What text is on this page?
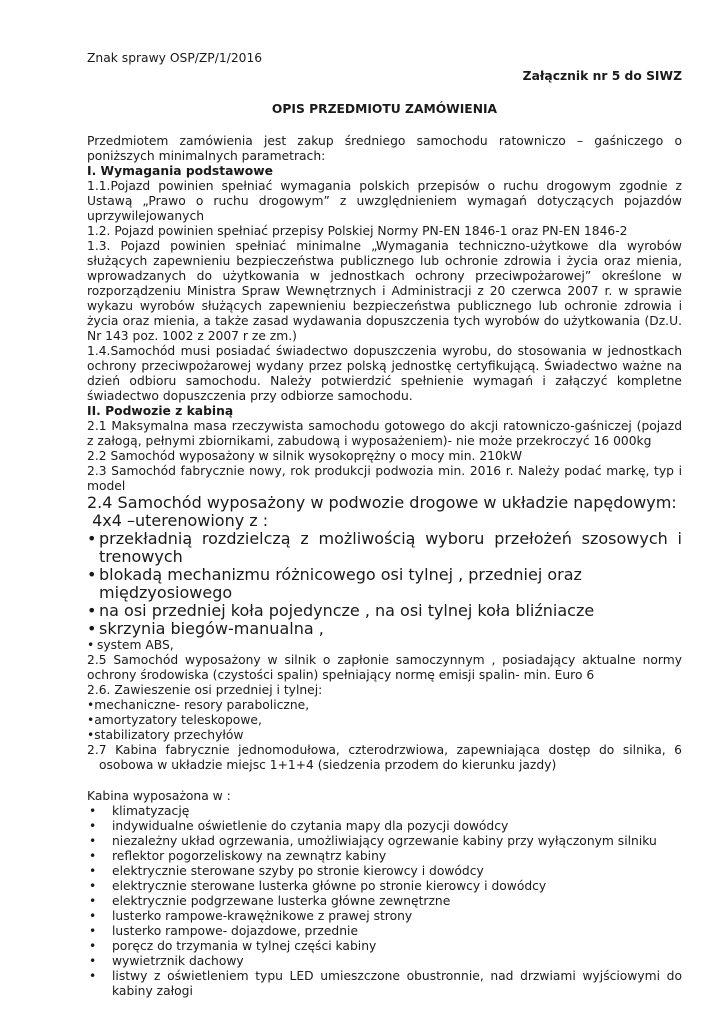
Znak sprawy OSP/ZP/1/2016

Załącznik nr 5 do SIWZ

OPIS PRZEDMIOTU ZAMÓWIENIA

Przedmiotem zamówienia jest zakup średniego samochodu ratowniczo – gaśniczego o poniższych minimalnych parametrach:

I. Wymagania podstawowe

1.1.Pojazd powinien spełniać wymagania polskich przepisów o ruchu drogowym zgodnie z Ustawą „Prawo o ruchu drogowym” z uwzględnieniem wymagań dotyczących pojazdów uprzywilejowanych

1.2. Pojazd powinien spełniać przepisy Polskiej Normy PN-EN 1846-1 oraz PN-EN 1846-2

1.3. Pojazd powinien spełniać minimalne „Wymagania techniczno-użytkowe dla wyrobów służących zapewnieniu bezpieczeństwa publicznego lub ochronie zdrowia i życia oraz mienia, wprowadzanych do użytkowania w jednostkach ochrony przeciwpożarowej” określone w rozporządzeniu Ministra Spraw Wewnętrznych i Administracji z 20 czerwca 2007 r. w sprawie wykazu wyrobów służących zapewnieniu bezpieczeństwa publicznego lub ochronie zdrowia i życia oraz mienia, a także zasad wydawania dopuszczenia tych wyrobów do użytkowania (Dz.U. Nr 143 poz. 1002 z 2007 r ze zm.)

1.4.Samochód musi posiadać świadectwo dopuszczenia wyrobu, do stosowania w jednostkach ochrony przeciwpożarowej wydany przez polską jednostkę certyfikującą. Świadectwo ważne na dzień odbioru samochodu. Należy potwierdzić spełnienie wymagań i załączyć kompletne świadectwo dopuszczenia przy odbiorze samochodu.

II. Podwozie z kabiną

2.1 Maksymalna masa rzeczywista samochodu gotowego do akcji ratowniczo-gaśniczej (pojazd z załogą, pełnymi zbiornikami, zabudową i wyposażeniem)- nie może przekroczyć 16 000kg

2.2 Samochód wyposażony w silnik wysokoprężny o mocy min. 210kW

2.3 Samochód fabrycznie nowy, rok produkcji podwozia min. 2016 r. Należy podać markę, typ i model

2.4 Samochód wyposażony w podwozie drogowe w układzie napędowym:

4x4 –uterenowiony z :

• przekładnią rozdzielczą z możliwością wyboru przełożeń szosowych i trenowych
• blokadą mechanizmu różnicowego osi tylnej , przedniej oraz międzyosiowego
• na osi przedniej koła pojedyncze , na osi tylnej koła bliźniacze
• skrzynia biegów-manualna ,
• system ABS,

2.5 Samochód wyposażony w silnik o zapłonie samoczynnym , posiadający aktualne normy ochrony środowiska (czystości spalin) spełniający normę emisji spalin- min. Euro 6

2.6. Zawieszenie osi przedniej i tylnej:

•mechaniczne- resory paraboliczne,

•amortyzatory teleskopowe,

•stabilizatory przechyłów

2.7 Kabina fabrycznie jednomodułowa, czterodrzwiowa, zapewniająca dostęp do silnika, 6 osobowa w układzie miejsc 1+1+4 (siedzenia przodem do kierunku jazdy)

Kabina wyposażona w :

• klimatyzację
• indywidualne oświetlenie do czytania mapy dla pozycji dowódcy
• niezależny układ ogrzewania, umożliwiający ogrzewanie kabiny przy wyłączonym silniku
• reflektor pogorzeliskowy na zewnątrz kabiny
• elektrycznie sterowane szyby po stronie kierowcy i dowódcy
• elektrycznie sterowane lusterka główne po stronie kierowcy i dowódcy
• elektrycznie podgrzewane lusterka główne zewnętrzne
• lusterko rampowe-krawężnikowe z prawej strony
• lusterko rampowe- dojazdowe, przednie
• poręcz do trzymania w tylnej części kabiny
• wywietrznik dachowy
• listwy z oświetleniem typu LED umieszczone obustronnie, nad drzwiami wyjściowymi do kabiny załogi
